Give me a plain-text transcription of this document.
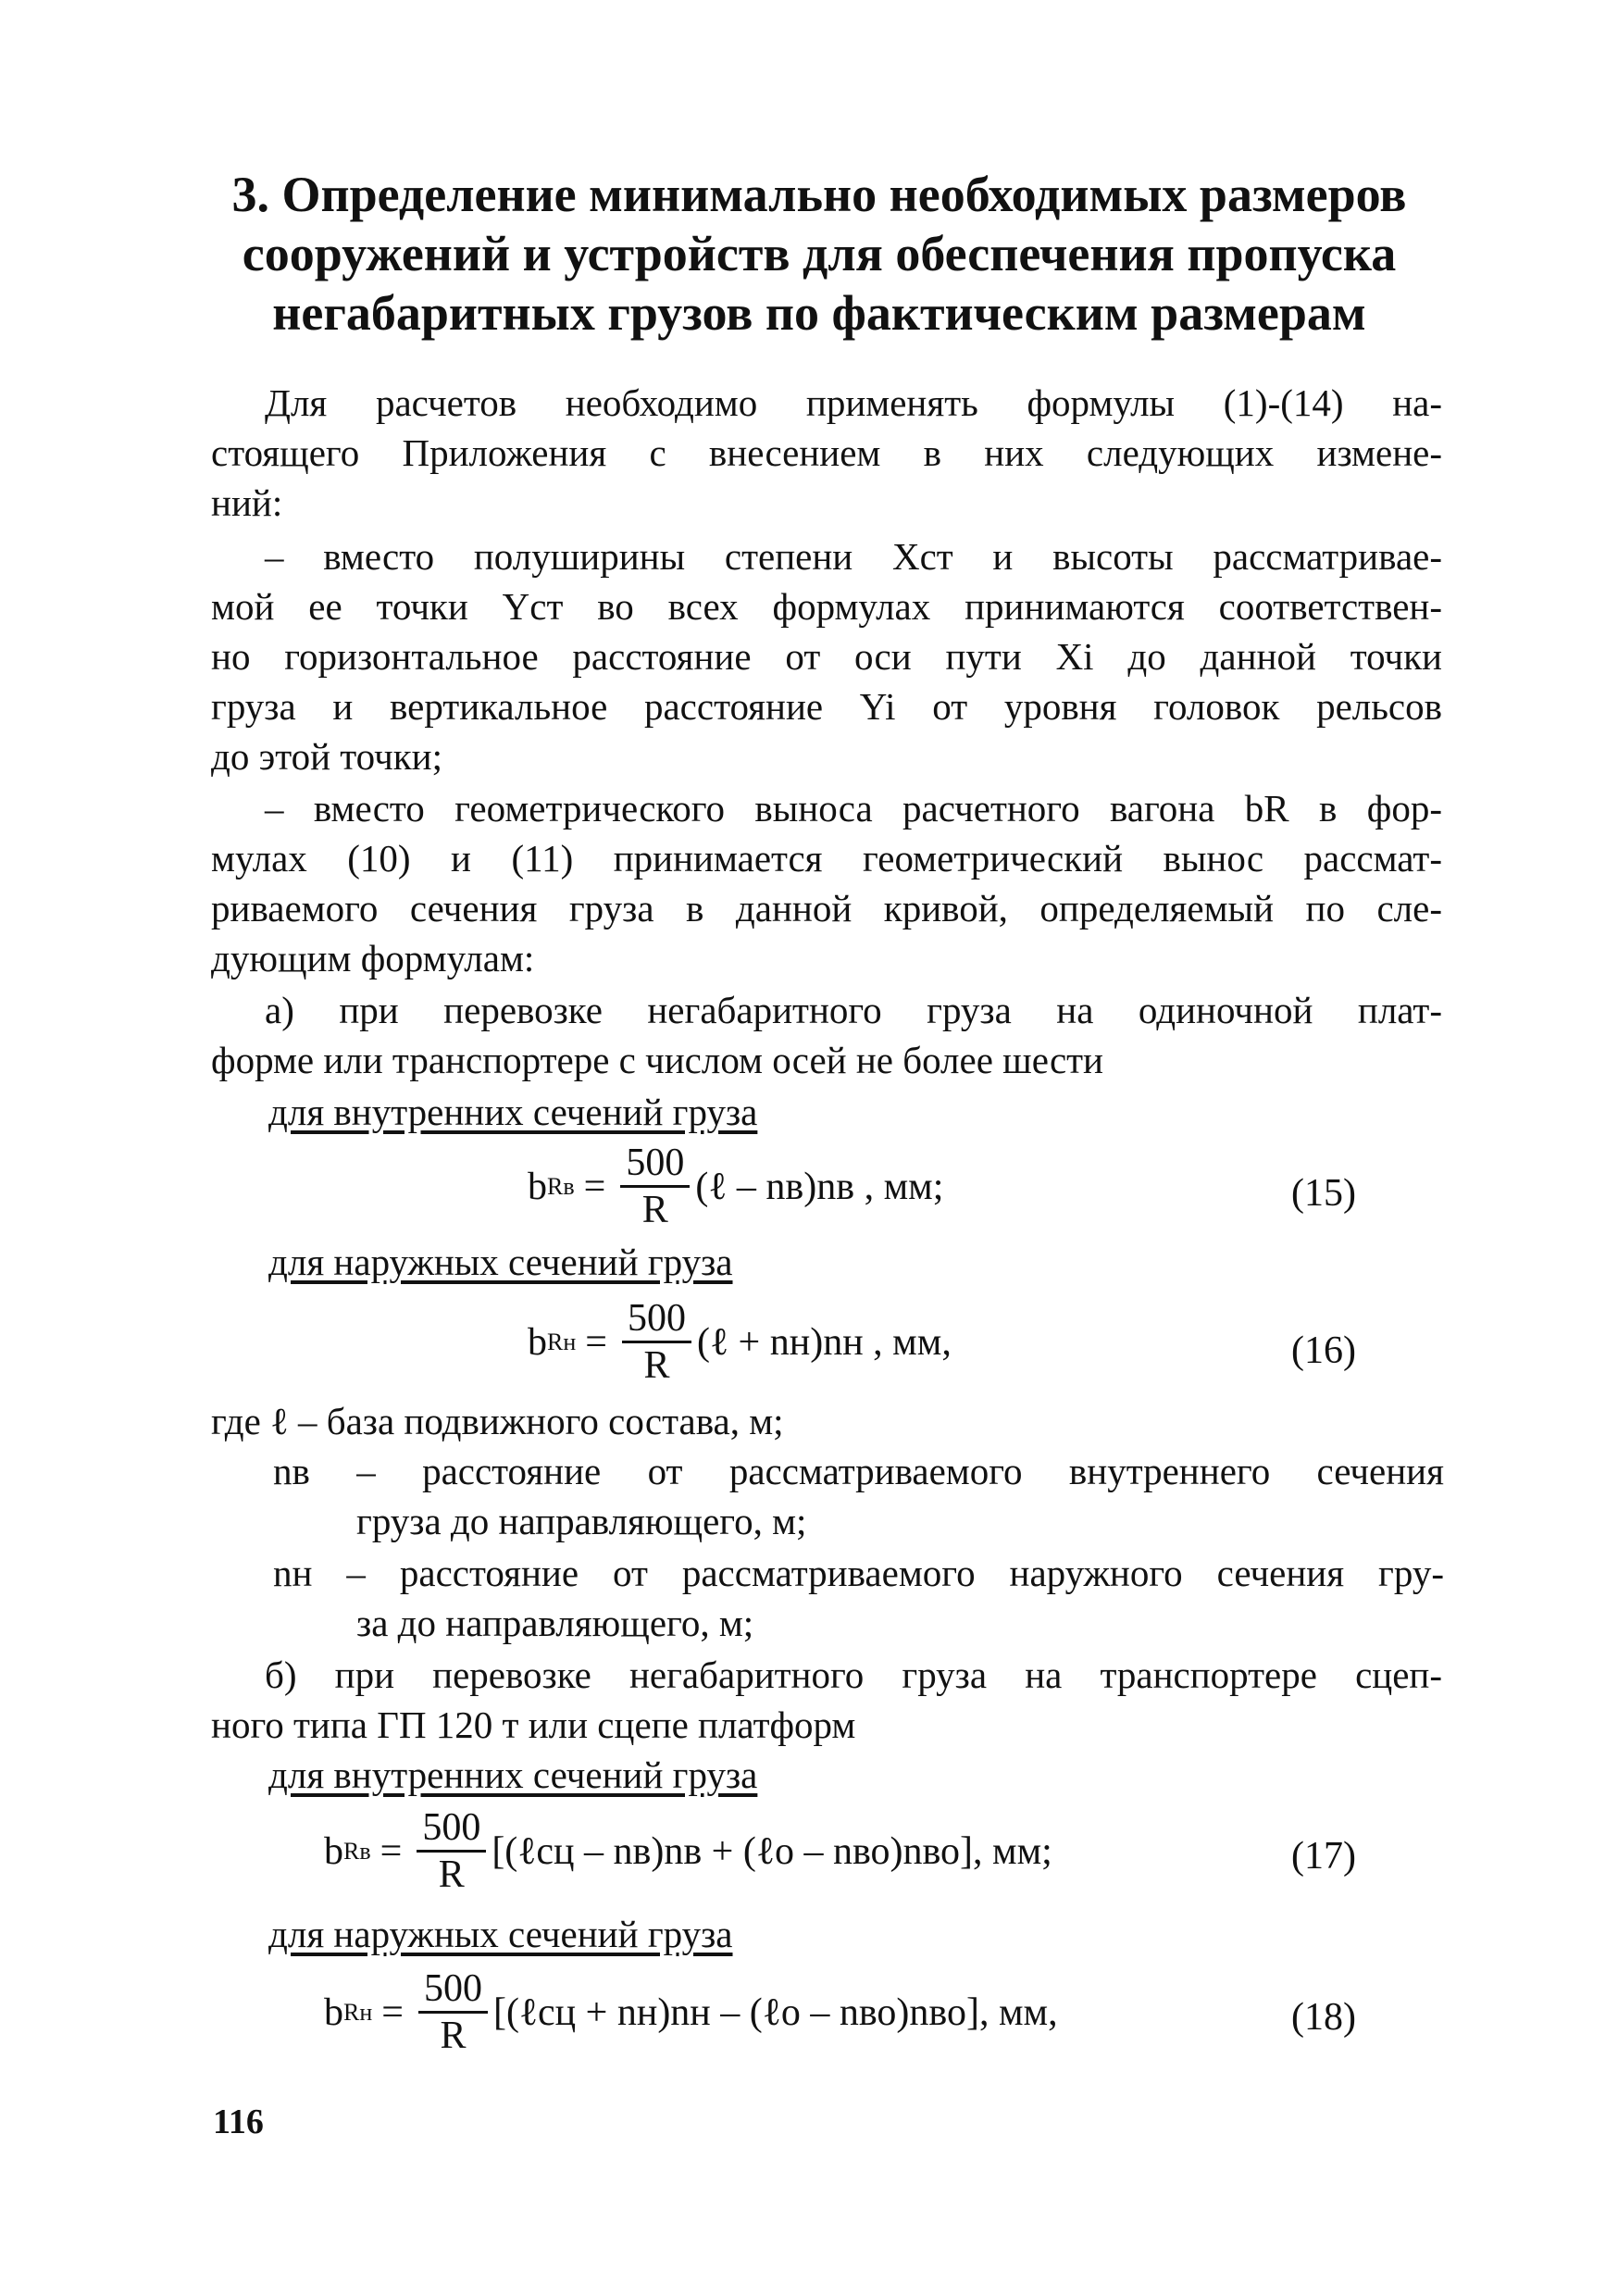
3. Определение минимально необходимых размеров
сооружений и устройств для обеспечения пропуска
негабаритных грузов по фактическим размерам
Для расчетов необходимо применять формулы (1)-(14) на-
стоящего Приложения с внесением в них следующих измене-
ний:
– вместо полуширины степени Xст и высоты рассматривае-
мой ее точки Yст во всех формулах принимаются соответствен-
но горизонтальное расстояние от оси пути Xi до данной точки
груза и вертикальное расстояние Yi от уровня головок рельсов
до этой точки;
– вместо геометрического выноса расчетного вагона bR в фор-
мулах (10) и (11) принимается геометрический вынос рассмат-
риваемого сечения груза в данной кривой, определяемый по сле-
дующим формулам:
а) при перевозке негабаритного груза на одиночной плат-
форме или транспортере с числом осей не более шести
для внутренних сечений груза
b Rв = $\frac{500}{R}$ (ℓ – nв)nв , мм;	(15)
для наружных сечений груза
b Rн = $\frac{500}{R}$ (ℓ + nн)nн , мм,	(16)
где ℓ – база подвижного состава, м;
nв – расстояние от рассматриваемого внутреннего сечения
груза до направляющего, м;
nн – расстояние от рассматриваемого наружного сечения гру-
за до направляющего, м;
б) при перевозке негабаритного груза на транспортере сцеп-
ного типа ГП 120 т или сцепе платформ
для внутренних сечений груза
b Rв = $\frac{500}{R}$ [(ℓсц – nв)nв + (ℓо – nво)nво], мм;	(17)
для наружных сечений груза
b Rн = $\frac{500}{R}$ [(ℓсц + nн)nн – (ℓо – nво)nво], мм,	(18)
116
